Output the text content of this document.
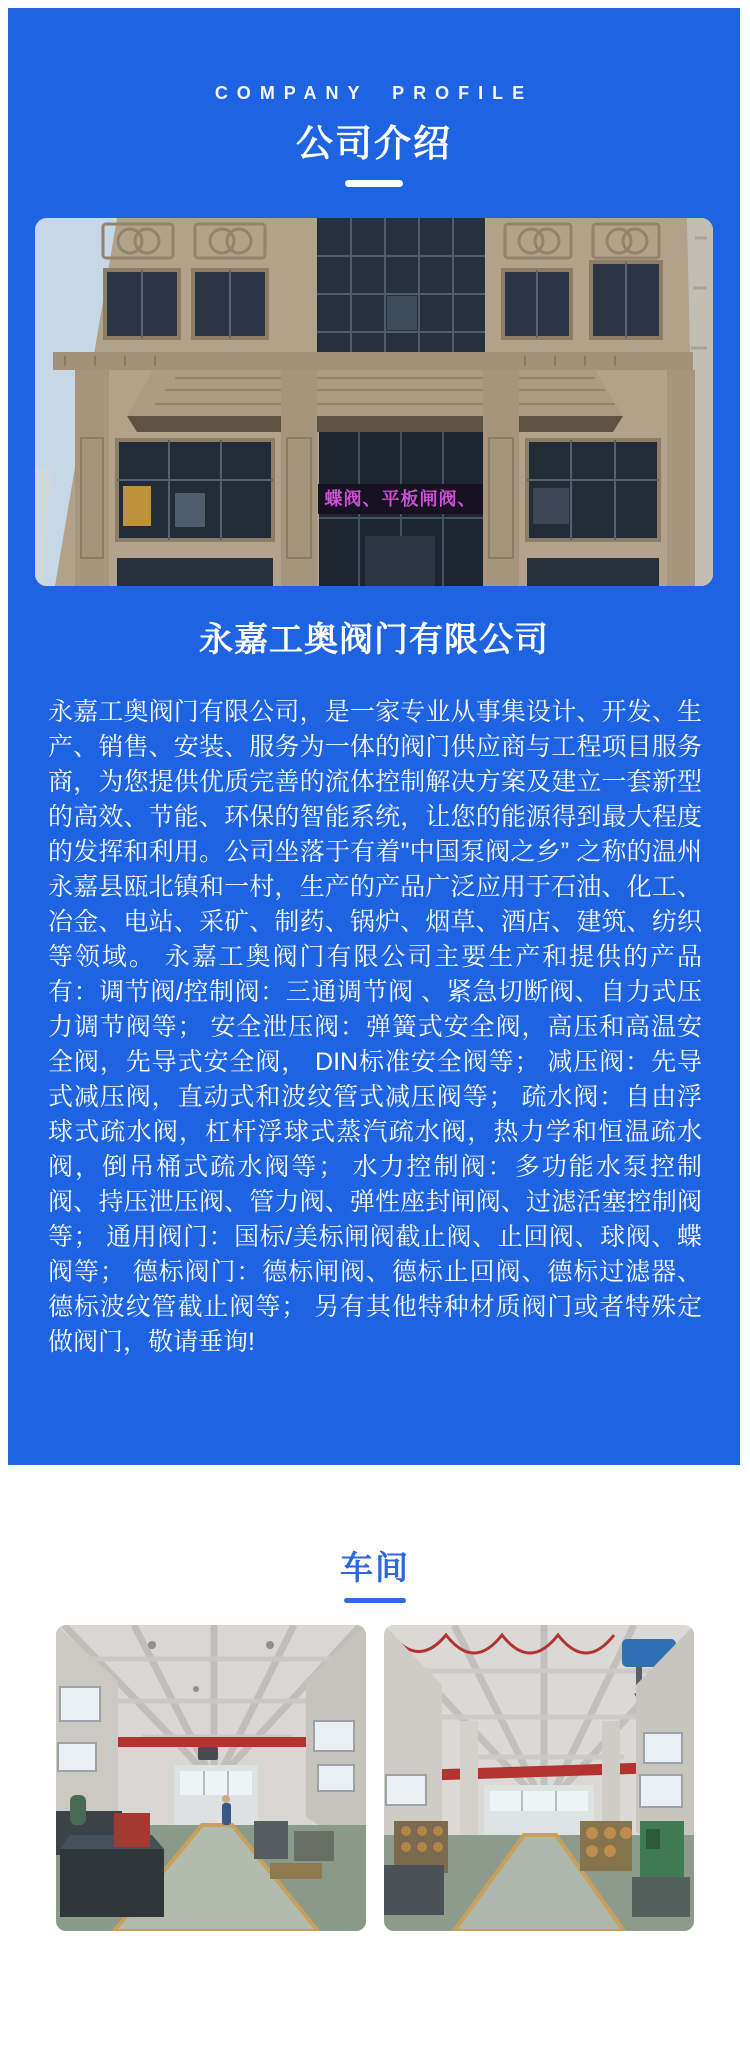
COMPANY PROFILE
公司介绍
蝶阀、平板闸阀、
永嘉工奥阀门有限公司

永嘉工奥阀门有限公司，是一家专业从事集设计、开发、生产、销售、安装、服务为一体的阀门供应商与工程项目服务商，为您提供优质完善的流体控制解决方案及建立一套新型的高效、节能、环保的智能系统，让您的能源得到最大程度的发挥和利用。公司坐落于有着"中国泵阀之乡” 之称的温州永嘉县瓯北镇和一村，生产的产品广泛应用于石油、化工、冶金、电站、采矿、制药、锅炉、烟草、酒店、建筑、纺织等领域。 永嘉工奥阀门有限公司主要生产和提供的产品有：调节阀/控制阀：三通调节阀 、紧急切断阀、自力式压力调节阀等； 安全泄压阀：弹簧式安全阀，高压和高温安全阀，先导式安全阀， DIN标准安全阀等； 减压阀：先导式减压阀，直动式和波纹管式减压阀等； 疏水阀：自由浮球式疏水阀，杠杆浮球式蒸汽疏水阀，热力学和恒温疏水阀，倒吊桶式疏水阀等； 水力控制阀：多功能水泵控制阀、持压泄压阀、管力阀、弹性座封闸阀、过滤活塞控制阀等； 通用阀门：国标/美标闸阀截止阀、止回阀、球阀、蝶阀等； 德标阀门：德标闸阀、德标止回阀、德标过滤器、德标波纹管截止阀等； 另有其他特种材质阀门或者特殊定做阀门，敬请垂询!

车间
